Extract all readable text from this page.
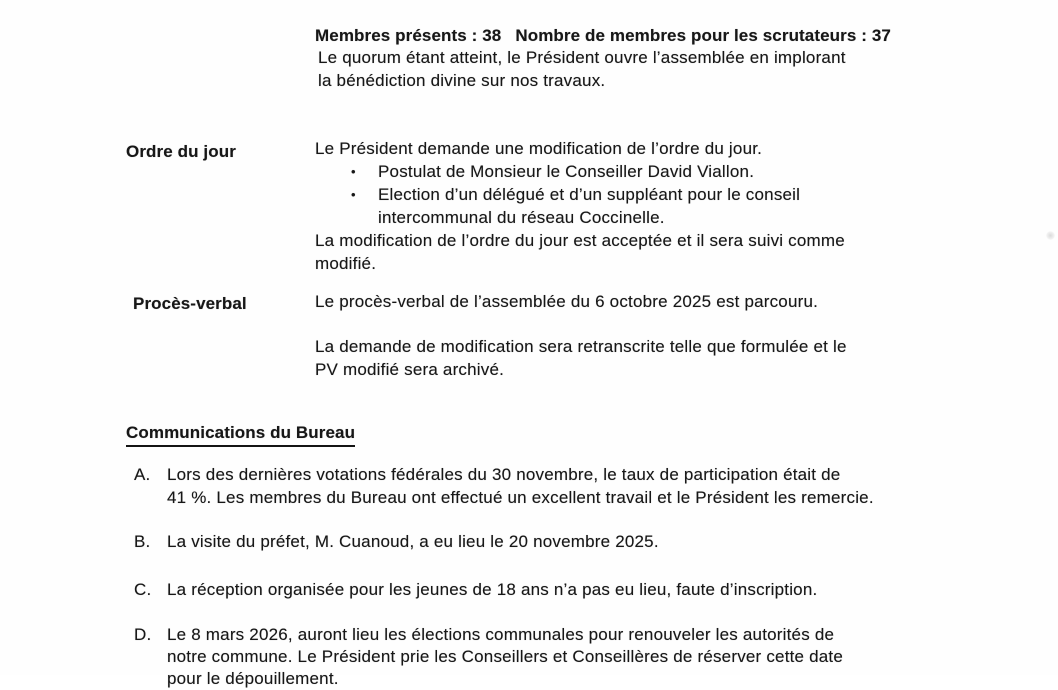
Membres présents : 38 Nombre de membres pour les scrutateurs : 37
Le quorum étant atteint, le Président ouvre l’assemblée en implorant
la bénédiction divine sur nos travaux.
Ordre du jour	Le Président demande une modification de l’ordre du jour.
•	Postulat de Monsieur le Conseiller David Viallon.
•	Election d’un délégué et d’un suppléant pour le conseil
intercommunal du réseau Coccinelle.
La modification de l’ordre du jour est acceptée et il sera suivi comme
modifié.
Procès-verbal	Le procès-verbal de l’assemblée du 6 octobre 2025 est parcouru.
La demande de modification sera retranscrite telle que formulée et le
PV modifié sera archivé.
Communications du Bureau
A. Lors des dernières votations fédérales du 30 novembre, le taux de participation était de
41 %. Les membres du Bureau ont effectué un excellent travail et le Président les remercie.
B. La visite du préfet, M. Cuanoud, a eu lieu le 20 novembre 2025.
C. La réception organisée pour les jeunes de 18 ans n’a pas eu lieu, faute d’inscription.
D. Le 8 mars 2026, auront lieu les élections communales pour renouveler les autorités de
notre commune. Le Président prie les Conseillers et Conseillères de réserver cette date
pour le dépouillement.
